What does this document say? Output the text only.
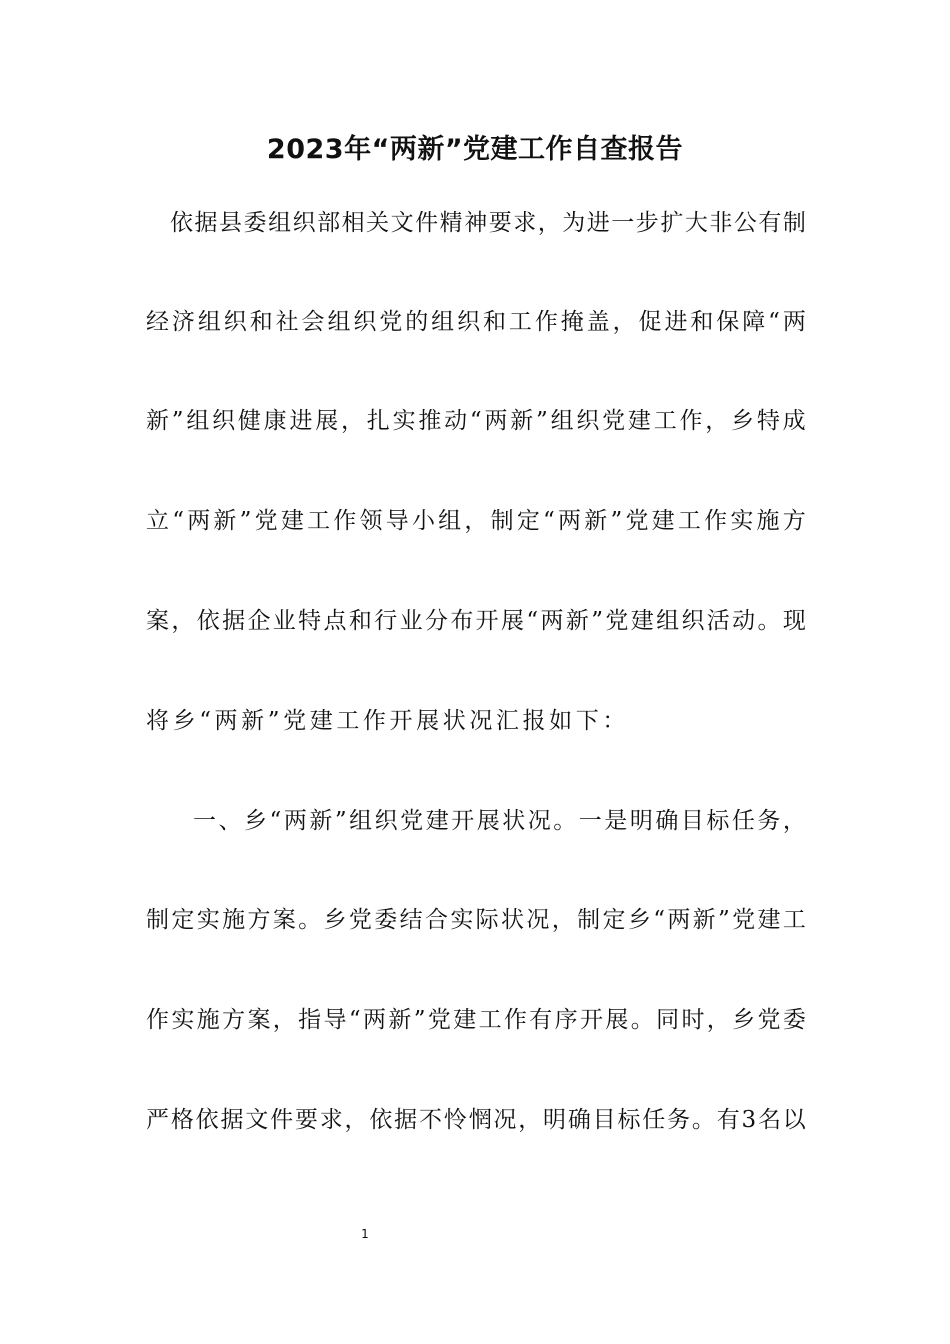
2023年“两新”党建工作自查报告

依 据 县 委 组 织 部 相 关 文 件 精 神 要 求 ， 为 进 一 步 扩 大 非 公 有 制

经 济 组 织 和 社 会 组 织 党 的 组 织 和 工 作 掩 盖 ， 促 进 和 保 障 “ 两

新 ” 组 织 健 康 进 展 ， 扎 实 推 动 “ 两 新 ” 组 织 党 建 工 作 ， 乡 特 成

立 “ 两 新 ” 党 建 工 作 领 导 小 组 ， 制 定 “ 两 新 ” 党 建 工 作 实 施 方

案 ， 依 据 企 业 特 点 和 行 业 分 布 开 展 “ 两 新 ” 党 建 组 织 活 动 。 现

将乡“两新”党建工作开展状况汇报如下：

一 、 乡 “ 两 新 ” 组 织 党 建 开 展 状 况 。 一 是 明 确 目 标 任 务 ，

制 定 实 施 方 案 。 乡 党 委 结 合 实 际 状 况 ， 制 定 乡 “ 两 新 ” 党 建 工

作 实 施 方 案 ， 指 导 “ 两 新 ” 党 建 工 作 有 序 开 展 。 同 时 ， 乡 党 委

严 格 依 据 文 件 要 求 ， 依 据 不 怜 惘 况 ， 明 确 目 标 任 务 。 有 3 名 以

1
